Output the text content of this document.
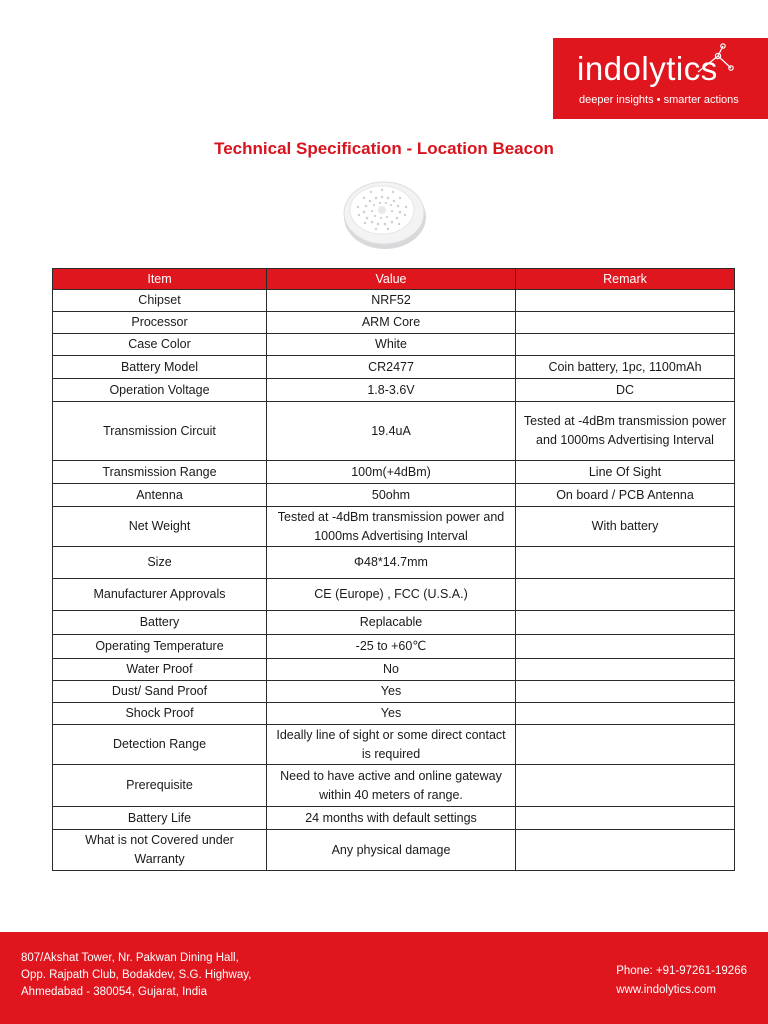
indolytics
deeper insights • smarter actions
Technical Specification - Location Beacon
Item	Value	Remark
Chipset	NRF52	
Processor	ARM Core	
Case Color	White	
Battery Model	CR2477	Coin battery, 1pc, 1100mAh
Operation Voltage	1.8-3.6V	DC
Transmission Circuit	19.4uA	Tested at -4dBm transmission power and 1000ms Advertising Interval
Transmission Range	100m(+4dBm)	Line Of Sight
Antenna	50ohm	On board / PCB Antenna
Net Weight	Tested at -4dBm transmission power and 1000ms Advertising Interval	With battery
Size	Φ48*14.7mm	
Manufacturer Approvals	CE (Europe) , FCC (U.S.A.)	
Battery	Replacable	
Operating Temperature	-25 to +60℃	
Water Proof	No	
Dust/ Sand Proof	Yes	
Shock Proof	Yes	
Detection Range	Ideally line of sight or some direct contact is required	
Prerequisite	Need to have active and online gateway within 40 meters of range.	
Battery Life	24 months with default settings	
What is not Covered under Warranty	Any physical damage	
807/Akshat Tower, Nr. Pakwan Dining Hall,
Opp. Rajpath Club, Bodakdev, S.G. Highway,
Ahmedabad - 380054, Gujarat, India
Phone: +91-97261-19266
www.indolytics.com
